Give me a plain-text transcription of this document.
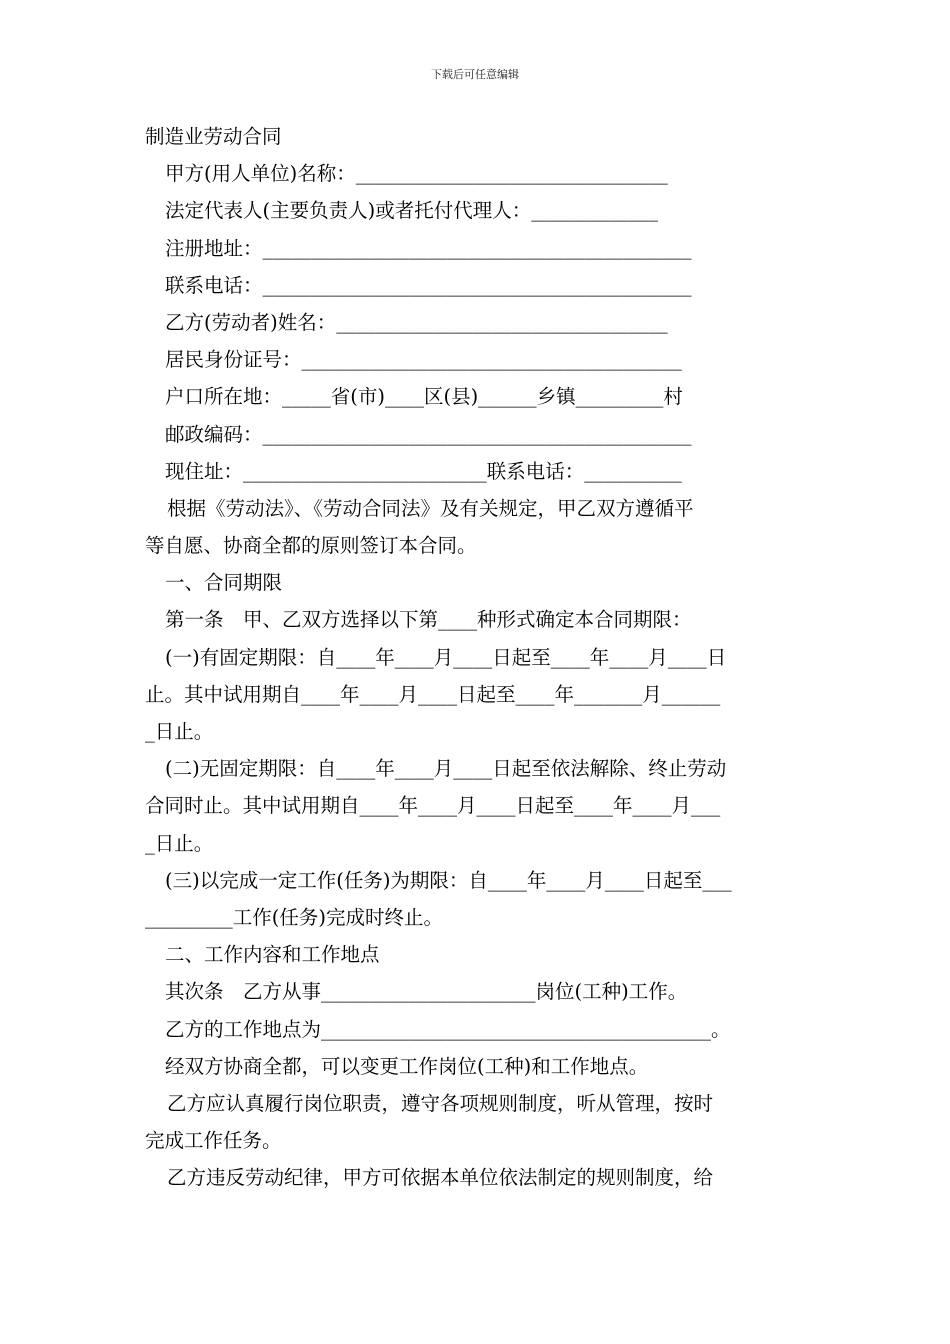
下载后可任意编辑
制造业劳动合同
甲方(用人单位)名称：________________________________
法定代表人(主要负责人)或者托付代理人：_____________
注册地址：____________________________________________
联系电话：____________________________________________
乙方(劳动者)姓名：__________________________________
居民身份证号：_______________________________________
户口所在地：_____省(市)____区(县)______乡镇_________村
邮政编码：____________________________________________
现住址：_________________________联系电话：__________
根据《劳动法》、《劳动合同法》及有关规定，甲乙双方遵循平
等自愿、协商全都的原则签订本合同。
一、合同期限
第一条　甲、乙双方选择以下第____种形式确定本合同期限：
(一)有固定期限：自____年____月____日起至____年____月____日
止。其中试用期自____年____月____日起至____年_______月______
_日止。
(二)无固定期限：自____年____月____日起至依法解除、终止劳动
合同时止。其中试用期自____年____月____日起至____年____月___
_日止。
(三)以完成一定工作(任务)为期限：自____年____月____日起至___
_________工作(任务)完成时终止。
二、工作内容和工作地点
其次条　乙方从事______________________岗位(工种)工作。
乙方的工作地点为________________________________________。
经双方协商全都，可以变更工作岗位(工种)和工作地点。
乙方应认真履行岗位职责，遵守各项规则制度，听从管理，按时
完成工作任务。
乙方违反劳动纪律，甲方可依据本单位依法制定的规则制度，给
